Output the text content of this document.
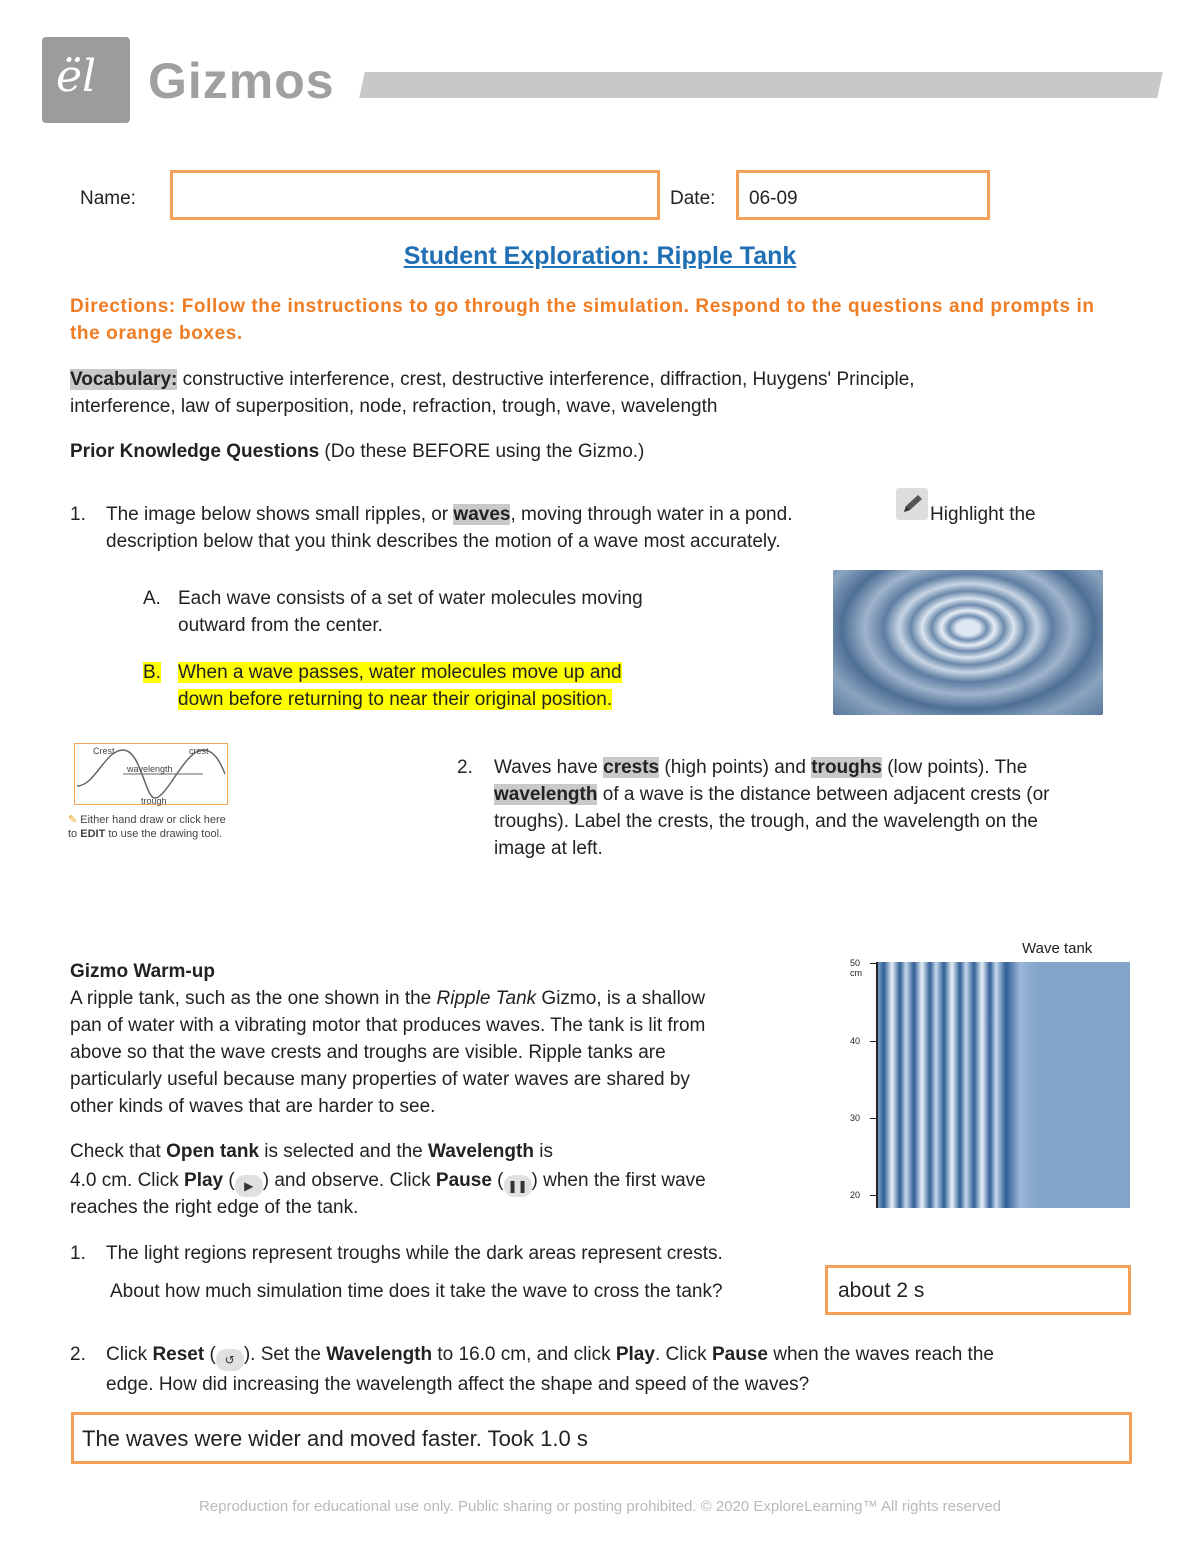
ël Gizmos
Name:	Date: 06-09
Student Exploration: Ripple Tank
Directions: Follow the instructions to go through the simulation. Respond to the questions and prompts in the orange boxes.
Vocabulary: constructive interference, crest, destructive interference, diffraction, Huygens' Principle,
interference, law of superposition, node, refraction, trough, wave, wavelength
Prior Knowledge Questions (Do these BEFORE using the Gizmo.)
1. The image below shows small ripples, or waves, moving through water in a pond.	Highlight the
description below that you think describes the motion of a wave most accurately.
A. Each wave consists of a set of water molecules moving
outward from the center.
B. When a wave passes, water molecules move up and
down before returning to near their original position.
Crest	crest
wavelength
trough
✎ Either hand draw or click here
to EDIT to use the drawing tool.
2. Waves have crests (high points) and troughs (low points). The
wavelength of a wave is the distance between adjacent crests (or
troughs). Label the crests, the trough, and the wavelength on the
image at left.
Gizmo Warm-up
A ripple tank, such as the one shown in the Ripple Tank Gizmo, is a shallow
pan of water with a vibrating motor that produces waves. The tank is lit from
above so that the wave crests and troughs are visible. Ripple tanks are
particularly useful because many properties of water waves are shared by
other kinds of waves that are harder to see.
Check that Open tank is selected and the Wavelength is
4.0 cm. Click Play ( ▶ ) and observe. Click Pause ( ❚❚ ) when the first wave
reaches the right edge of the tank.
Wave tank
50 cm
40
30
20
1. The light regions represent troughs while the dark areas represent crests.
About how much simulation time does it take the wave to cross the tank?	about 2 s
2. Click Reset ( ↺ ). Set the Wavelength to 16.0 cm, and click Play. Click Pause when the waves reach the
edge. How did increasing the wavelength affect the shape and speed of the waves?
The waves were wider and moved faster. Took 1.0 s
Reproduction for educational use only. Public sharing or posting prohibited. © 2020 ExploreLearning™ All rights reserved
